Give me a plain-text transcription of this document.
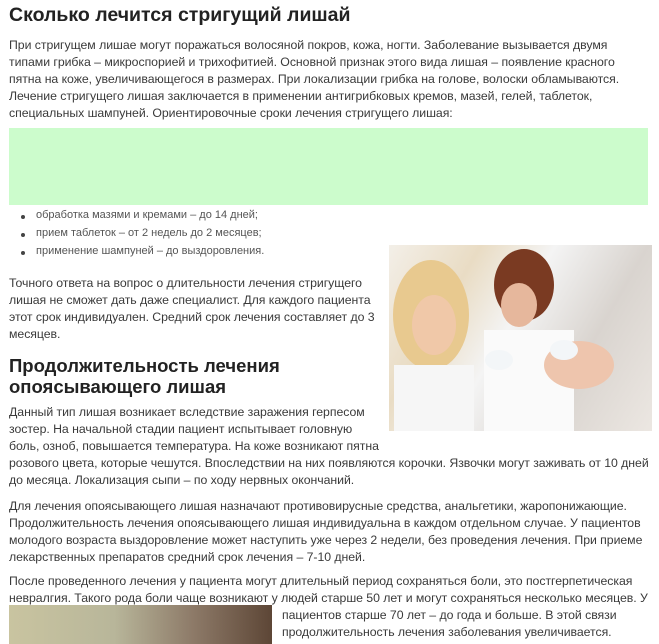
Сколько лечится стригущий лишай
При стригущем лишае могут поражаться волосяной покров, кожа, ногти. Заболевание вызывается двумя
типами грибка – микроспорией и трихофитией. Основной признак этого вида лишая – появление красного
пятна на коже, увеличивающегося в размерах. При локализации грибка на голове, волоски обламываются.
Лечение стригущего лишая заключается в применении антигрибковых кремов, мазей, гелей, таблеток,
специальных шампуней. Ориентировочные сроки лечения стригущего лишая:
обработка мазями и кремами – до 14 дней;
прием таблеток – от 2 недель до 2 месяцев;
применение шампуней – до выздоровления.
Точного ответа на вопрос о длительности лечения стригущего
лишая не сможет дать даже специалист. Для каждого пациента
этот срок индивидуален. Средний срок лечения составляет до 3
месяцев.
Продолжительность лечения
опоясывающего лишая
Данный тип лишая возникает вследствие заражения герпесом
зостер. На начальной стадии пациент испытывает головную
боль, озноб, повышается температура. На коже возникают пятна
розового цвета, которые чешутся. Впоследствии на них появляются корочки. Язвочки могут заживать от 10 дней
до месяца. Локализация сыпи – по ходу нервных окончаний.
Для лечения опоясывающего лишая назначают противовирусные средства, анальгетики, жаропонижающие.
Продолжительность лечения опоясывающего лишая индивидуальна в каждом отдельном случае. У пациентов
молодого возраста выздоровление может наступить уже через 2 недели, без проведения лечения. При приеме
лекарственных препаратов средний срок лечения – 7-10 дней.
После проведенного лечения у пациента могут длительный период сохраняться боли, это постгерпетическая
невралгия. Такого рода боли чаще возникают у людей старше 50 лет и могут сохраняться несколько месяцев. У
пациентов старше 70 лет – до года и больше. В этой связи
продолжительность лечения заболевания увеличивается.
